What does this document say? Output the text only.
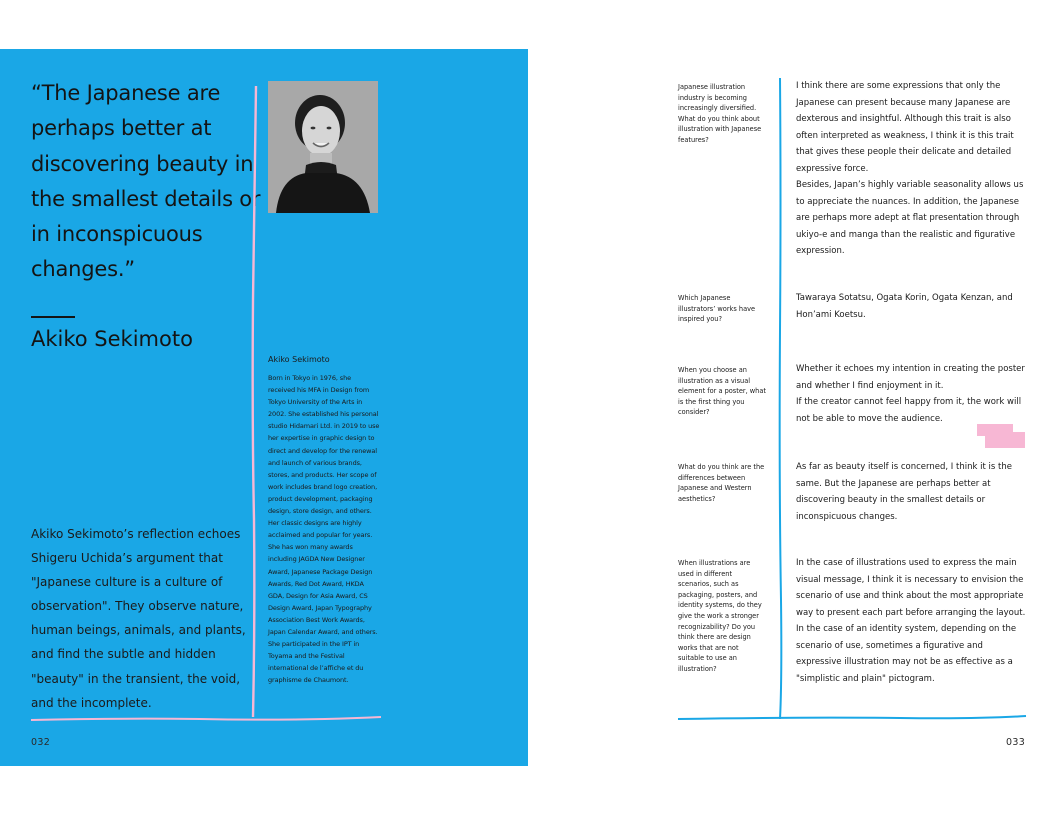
“The Japanese are perhaps better at discovering beauty in the smallest details or in inconspicuous changes.”

Akiko Sekimoto

Akiko Sekimoto’s reflection echoes Shigeru Uchida’s argument that "Japanese culture is a culture of observation". They observe nature, human beings, animals, and plants, and find the subtle and hidden "beauty" in the transient, the void, and the incomplete.

032

Akiko Sekimoto

Born in Tokyo in 1976, she received his MFA in Design from Tokyo University of the Arts in 2002. She established his personal studio Hidamari Ltd. in 2019 to use her expertise in graphic design to direct and develop for the renewal and launch of various brands, stores, and products. Her scope of work includes brand logo creation, product development, packaging design, store design, and others. Her classic designs are highly acclaimed and popular for years. She has won many awards including JAGDA New Designer Award, Japanese Package Design Awards, Red Dot Award, HKDA GDA, Design for Asia Award, CS Design Award, Japan Typography Association Best Work Awards, Japan Calendar Award, and others. She participated in the IPT in Toyama and the Festival international de l’affiche et du graphisme de Chaumont.

Japanese illustration industry is becoming increasingly diversified. What do you think about illustration with Japanese features?

I think there are some expressions that only the Japanese can present because many Japanese are dexterous and insightful. Although this trait is also often interpreted as weakness, I think it is this trait that gives these people their delicate and detailed expressive force.
Besides, Japan’s highly variable seasonality allows us to appreciate the nuances. In addition, the Japanese are perhaps more adept at flat presentation through ukiyo-e and manga than the realistic and figurative expression.

Which Japanese illustrators’ works have inspired you?

Tawaraya Sotatsu, Ogata Korin, Ogata Kenzan, and Hon’ami Koetsu.

When you choose an illustration as a visual element for a poster, what is the first thing you consider?

Whether it echoes my intention in creating the poster and whether I find enjoyment in it.
If the creator cannot feel happy from it, the work will not be able to move the audience.

What do you think are the differences between Japanese and Western aesthetics?

As far as beauty itself is concerned, I think it is the same. But the Japanese are perhaps better at discovering beauty in the smallest details or inconspicuous changes.

When illustrations are used in different scenarios, such as packaging, posters, and identity systems, do they give the work a stronger recognizability? Do you think there are design works that are not suitable to use an illustration?

In the case of illustrations used to express the main visual message, I think it is necessary to envision the scenario of use and think about the most appropriate way to present each part before arranging the layout.
In the case of an identity system, depending on the scenario of use, sometimes a figurative and expressive illustration may not be as effective as a "simplistic and plain" pictogram.
033
